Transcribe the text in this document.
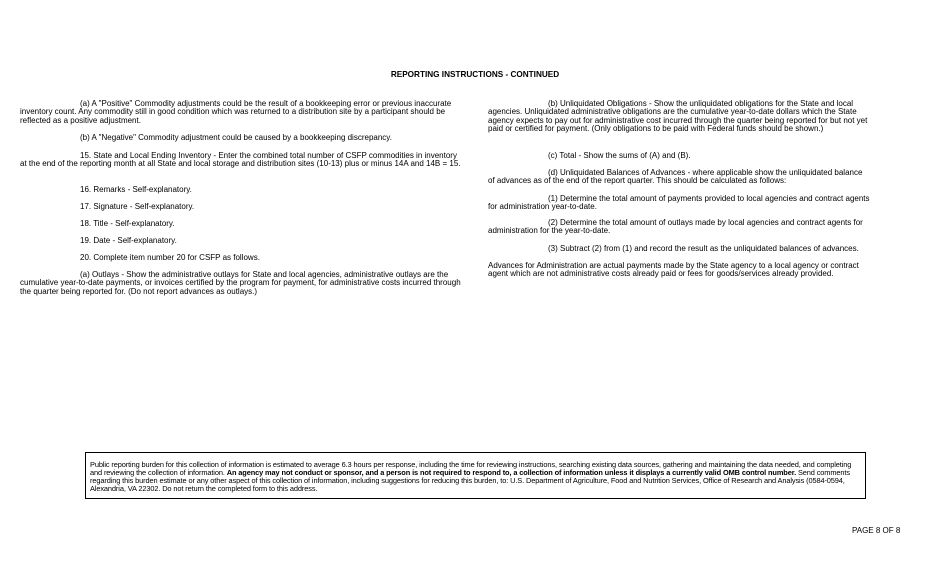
REPORTING INSTRUCTIONS - CONTINUED

(a) A "Positive" Commodity adjustments could be the result of a bookkeeping error or previous inaccurate inventory count. Any commodity still in good condition which was returned to a distribution site by a participant should be reflected as a positive adjustment.

(b) A "Negative" Commodity adjustment could be caused by a bookkeeping discrepancy.

15. State and Local Ending Inventory - Enter the combined total number of CSFP commodities in inventory at the end of the reporting month at all State and local storage and distribution sites (10-13) plus or minus 14A and 14B = 15.

16. Remarks - Self-explanatory.

17. Signature - Self-explanatory.

18. Title - Self-explanatory.

19. Date - Self-explanatory.

20. Complete item number 20 for CSFP as follows.

(a) Outlays - Show the administrative outlays for State and local agencies, administrative outlays are the cumulative year-to-date payments, or invoices certified by the program for payment, for administrative costs incurred through the quarter being reported for. (Do not report advances as outlays.)

(b) Unliquidated Obligations - Show the unliquidated obligations for the State and local agencies. Unliquidated administrative obligations are the cumulative year-to-date dollars which the State agency expects to pay out for administrative cost incurred through the quarter being reported for but not yet paid or certified for payment. (Only obligations to be paid with Federal funds should be shown.)

(c) Total - Show the sums of (A) and (B).

(d) Unliquidated Balances of Advances - where applicable show the unliquidated balance of advances as of the end of the report quarter. This should be calculated as follows:

(1) Determine the total amount of payments provided to local agencies and contract agents for administration year-to-date.

(2) Determine the total amount of outlays made by local agencies and contract agents for administration for the year-to-date.

(3) Subtract (2) from (1) and record the result as the unliquidated balances of advances.

Advances for Administration are actual payments made by the State agency to a local agency or contract agent which are not administrative costs already paid or fees for goods/services already provided.

Public reporting burden for this collection of information is estimated to average 6.3 hours per response, including the time for reviewing instructions, searching existing data sources, gathering and maintaining the data needed, and completing and reviewing the collection of information. An agency may not conduct or sponsor, and a person is not required to respond to, a collection of information unless it displays a currently valid OMB control number. Send comments regarding this burden estimate or any other aspect of this collection of information, including suggestions for reducing this burden, to: U.S. Department of Agriculture, Food and Nutrition Services, Office of Research and Analysis (0584-0594, Alexandria, VA 22302. Do not return the completed form to this address.

PAGE 8 OF 8
